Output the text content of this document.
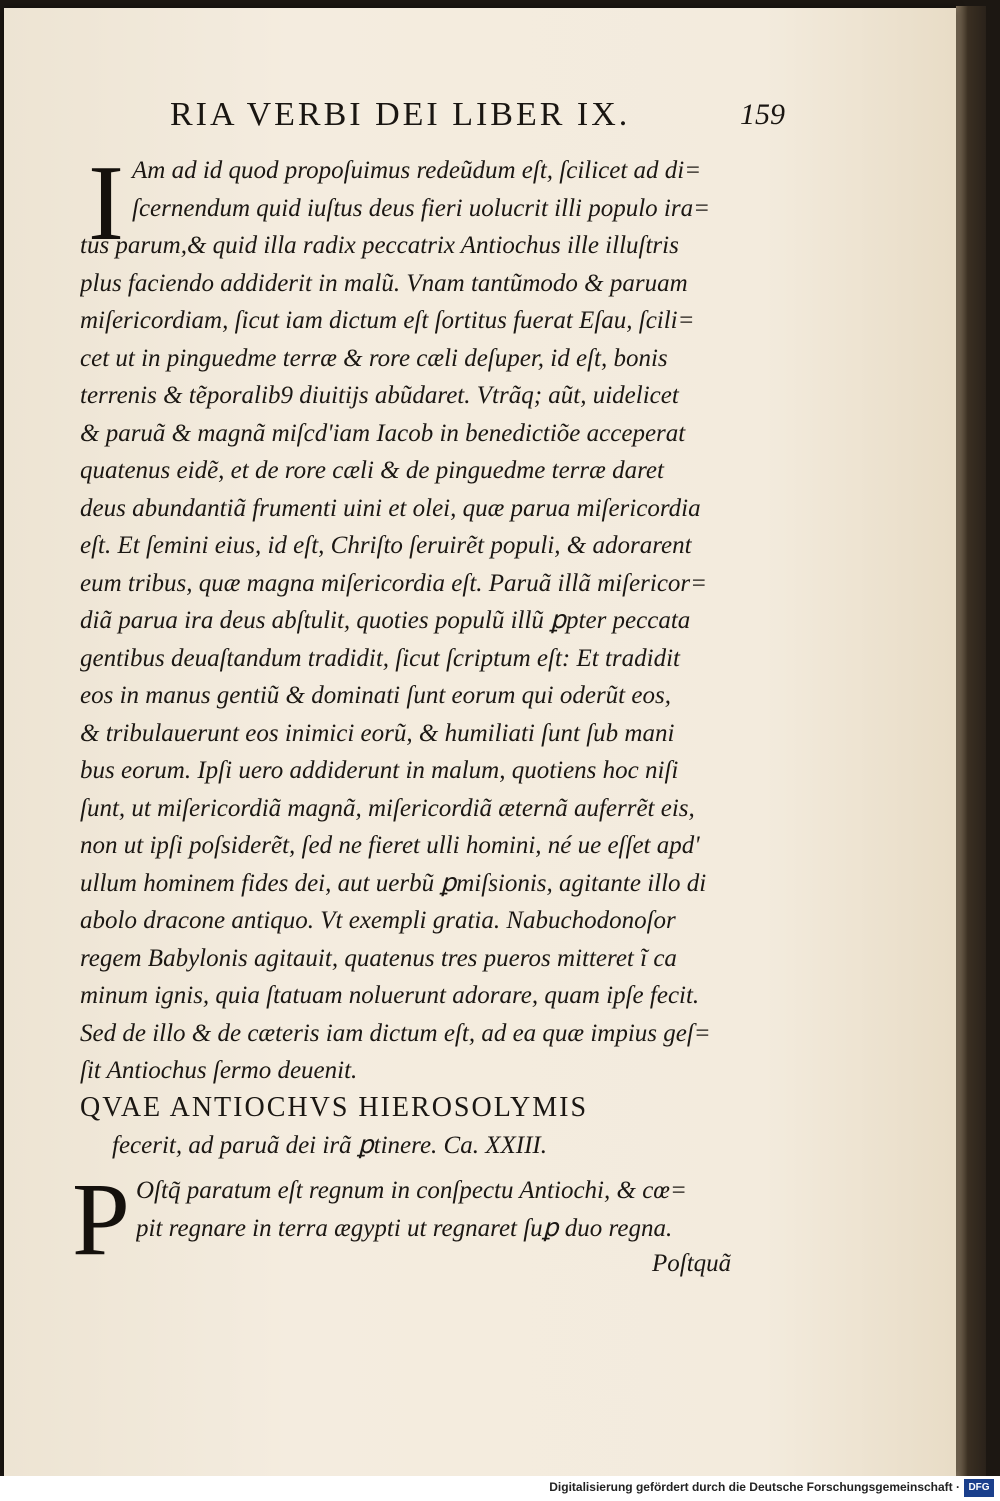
RIA VERBI DEI LIBER IX.	159
I Am ad id quod propoſuimus redeũdum eſt, ſcilicet ad di=
ſcernendum quid iuſtus deus fieri uolucrit illi populo ira=
tus parum,& quid illa radix peccatrix Antiochus ille illuſtris
plus faciendo addiderit in malũ. Vnam tantũmodo & paruam
miſericordiam, ſicut iam dictum eſt ſortitus fuerat Eſau, ſcili=
cet ut in pinguedme terræ & rore cæli deſuper, id eſt, bonis
terrenis & tẽporalib9 diuitijs abũdaret. Vtrãq; aũt, uidelicet
& paruã & magnã miſcd'iam Iacob in benedictiõe acceperat
quatenus eidẽ, et de rore cæli & de pinguedme terræ daret
deus abundantiã frumenti uini et olei, quæ parua miſericordia
eſt. Et ſemini eius, id eſt, Chriſto ſeruirẽt populi, & adorarent
eum tribus, quæ magna miſericordia eſt. Paruã illã miſericor=
diã parua ira deus abſtulit, quoties populũ illũ ꝑpter peccata
gentibus deuaſtandum tradidit, ſicut ſcriptum eſt: Et tradidit
eos in manus gentiũ & dominati ſunt eorum qui oderũt eos,
& tribulauerunt eos inimici eorũ, & humiliati ſunt ſub mani
bus eorum. Ipſi uero addiderunt in malum, quotiens hoc niſi
ſunt, ut miſericordiã magnã, miſericordiã æternã auferrẽt eis,
non ut ipſi poſsiderẽt, ſed ne fieret ulli homini, né ue eſſet apd'
ullum hominem fides dei, aut uerbũ ꝑmiſsionis, agitante illo di
abolo dracone antiquo. Vt exempli gratia. Nabuchodonoſor
regem Babylonis agitauit, quatenus tres pueros mitteret ĩ ca
minum ignis, quia ſtatuam noluerunt adorare, quam ipſe fecit.
Sed de illo & de cæteris iam dictum eſt, ad ea quæ impius geſ=
ſit Antiochus ſermo deuenit.
QVAE ANTIOCHVS HIEROSOLYMIS
fecerit, ad paruã dei irã ꝑtinere. Ca. XXIII.
P Oſtq̃ paratum eſt regnum in conſpectu Antiochi, & cœ=
pit regnare in terra ægypti ut regnaret ſuꝑ duo regna.
Poſtquã
Digitalisierung gefördert durch die Deutsche Forschungsgemeinschaft · DFG
